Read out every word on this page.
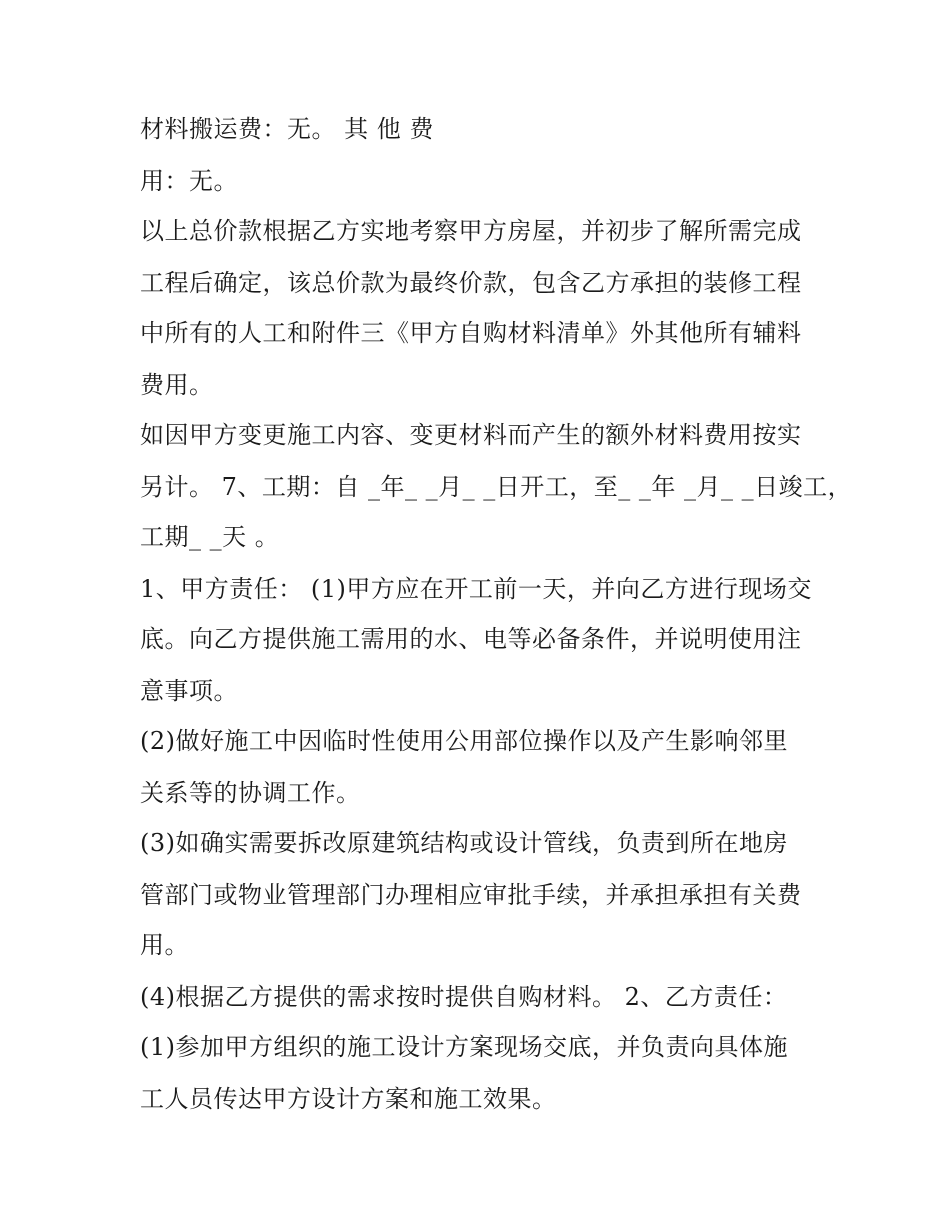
材料搬运费：无。 其 他 费
用：无。
以上总价款根据乙方实地考察甲方房屋，并初步了解所需完成
工程后确定，该总价款为最终价款，包含乙方承担的装修工程
中所有的人工和附件三《甲方自购材料清单》外其他所有辅料
费用。
如因甲方变更施工内容、变更材料而产生的额外材料费用按实
另计。 7、工期：自 _年_ _月_ _日开工，至_ _年 _月_ _日竣工，
工期_ _天 。
1、甲方责任： (1)甲方应在开工前一天，并向乙方进行现场交
底。向乙方提供施工需用的水、电等必备条件，并说明使用注
意事项。
(2)做好施工中因临时性使用公用部位操作以及产生影响邻里
关系等的协调工作。
(3)如确实需要拆改原建筑结构或设计管线，负责到所在地房
管部门或物业管理部门办理相应审批手续，并承担承担有关费
用。
(4)根据乙方提供的需求按时提供自购材料。 2、乙方责任：
(1)参加甲方组织的施工设计方案现场交底，并负责向具体施
工人员传达甲方设计方案和施工效果。
